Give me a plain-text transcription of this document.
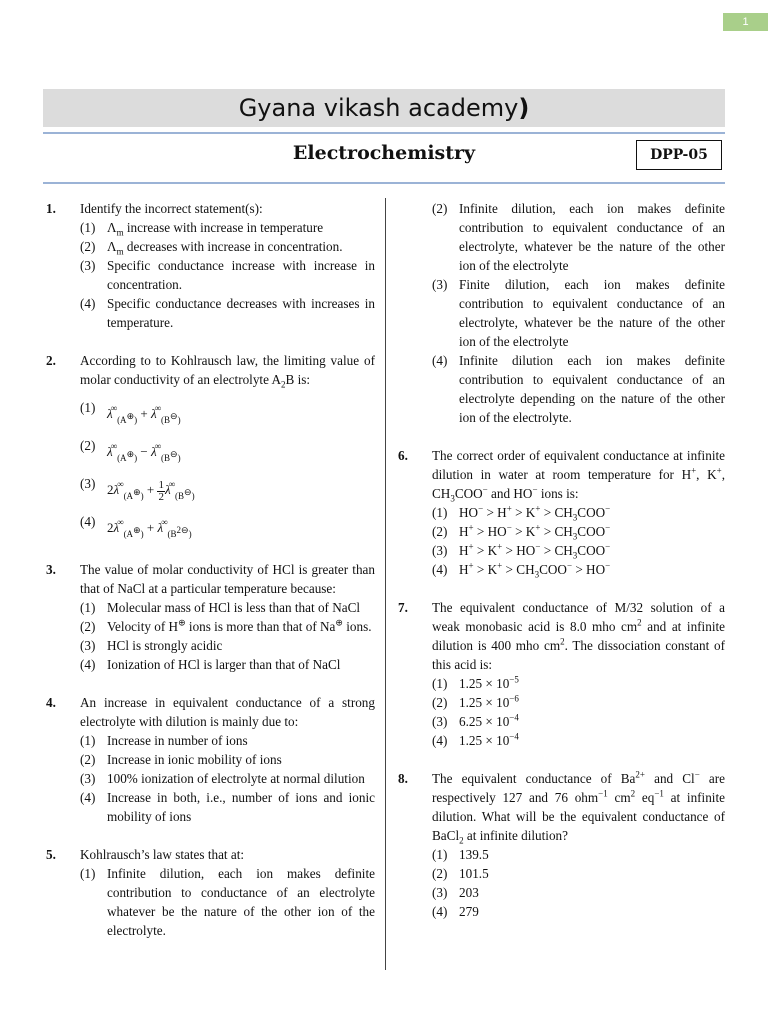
1
Gyana vikash academy)
Electrochemistry	DPP-05
1. Identify the incorrect statement(s):
(1) $\Lambda_m$ increase with increase in temperature
(2) $\Lambda_m$ decreases with increase in concentration.
(3) Specific conductance increase with increase in concentration.
(4) Specific conductance decreases with increases in temperature.
2. According to to Kohlrausch law, the limiting value of molar conductivity of an electrolyte $A_2B$ is:
(1) $\lambda^\infty_{(A^\oplus)} + \lambda^\infty_{(B^⊖)}$
(2) $\lambda^\infty_{(A^\oplus)} - \lambda^\infty_{(B^⊖)}$
(3) $2\lambda^\infty_{(A^\oplus)} + \frac{1}{2} \lambda^\infty_{(B^⊖)}$
(4) $2\lambda^\infty_{(A^\oplus)} + \lambda^\infty_{(B^{2⊖})}$
3. The value of molar conductivity of HCl is greater than that of NaCl at a particular temperature because:
(1) Molecular mass of HCl is less than that of NaCl
(2) Velocity of H⊕ ions is more than that of Na⊕ ions.
(3) HCl is strongly acidic
(4) Ionization of HCl is larger than that of NaCl
4. An increase in equivalent conductance of a strong electrolyte with dilution is mainly due to:
(1) Increase in number of ions
(2) Increase in ionic mobility of ions
(3) 100% ionization of electrolyte at normal dilution
(4) Increase in both, i.e., number of ions and ionic mobility of ions
5. Kohlrausch’s law states that at:
(1) Infinite dilution, each ion makes definite contribution to conductance of an electrolyte whatever be the nature of the other ion of the electrolyte.
(2) Infinite dilution, each ion makes definite contribution to equivalent conductance of an electrolyte, whatever be the nature of the other ion of the electrolyte
(3) Finite dilution, each ion makes definite contribution to equivalent conductance of an electrolyte, whatever be the nature of the other ion of the electrolyte
(4) Infinite dilution each ion makes definite contribution to equivalent conductance of an electrolyte depending on the nature of the other ion of the electrolyte.
6. The correct order of equivalent conductance at infinite dilution in water at room temperature for H+, K+, $CH_3COO^-$ and HO− ions is:
(1) $HO^- > H^+ > K^+ > CH_3COO^-$
(2) $H^+ > HO^- > K^+ > CH_3COO^-$
(3) $H^+ > K^+ > HO^- > CH_3COO^-$
(4) $H^+ > K^+ > CH_3COO^- > HO^-$
7. The equivalent conductance of M/32 solution of a weak monobasic acid is 8.0 mho $cm^2$ and at infinite dilution is 400 mho $cm^2$. The dissociation constant of this acid is:
(1) $1.25 \times 10^{-5}$
(2) $1.25 \times 10^{-6}$
(3) $6.25 \times 10^{-4}$
(4) $1.25 \times 10^{-4}$
8. The equivalent conductance of $Ba^{2+}$ and Cl− are respectively 127 and 76 ohm$^{-1}$ $cm^2$ $eq^{-1}$ at infinite dilution. What will be the equivalent conductance of BaCl$_2$ at infinite dilution?
(1) 139.5
(2) 101.5
(3) 203
(4) 279
